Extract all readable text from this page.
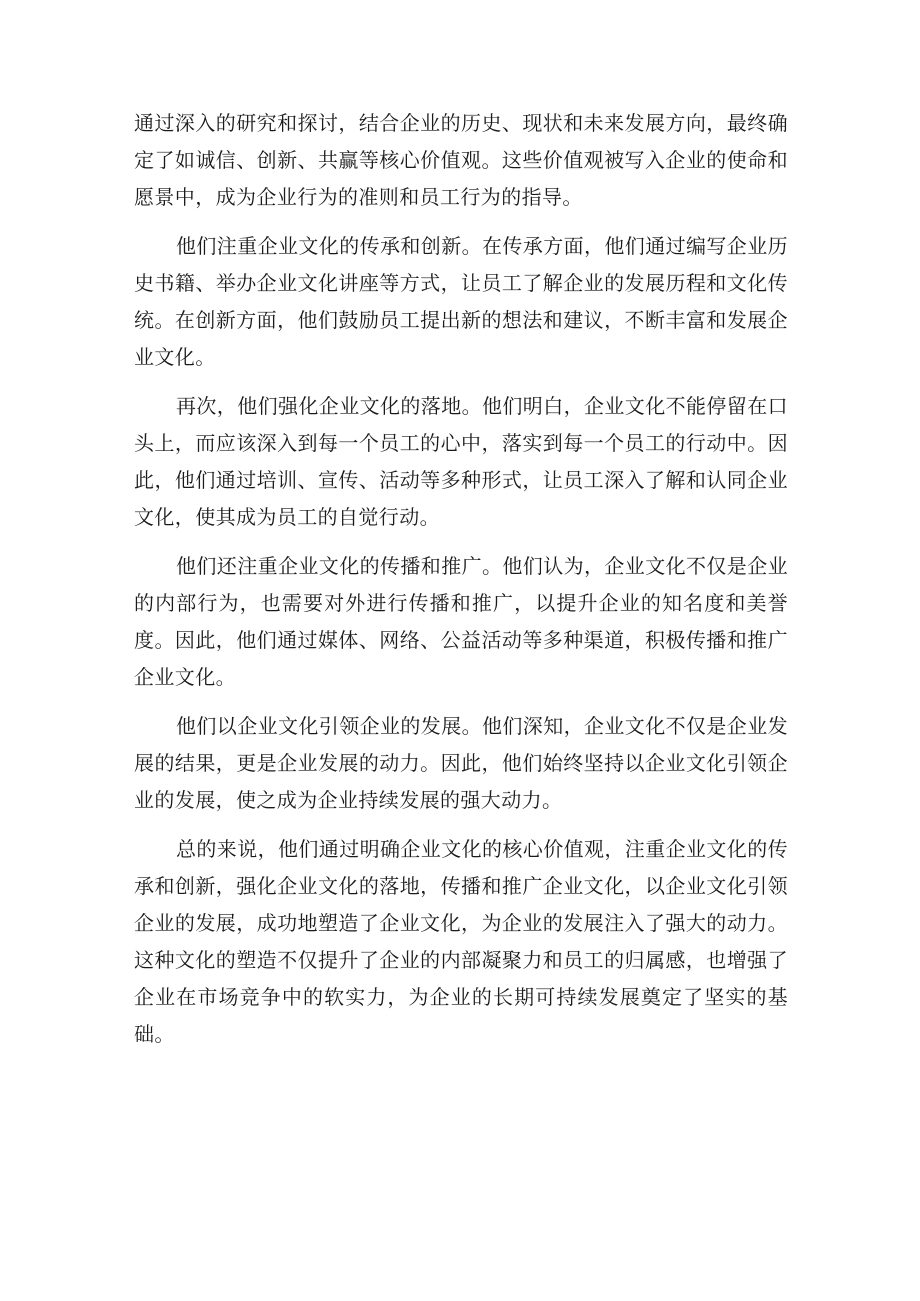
通过深入的研究和探讨，结合企业的历史、现状和未来发展方向，最终确定了如诚信、创新、共赢等核心价值观。这些价值观被写入企业的使命和愿景中，成为企业行为的准则和员工行为的指导。

他们注重企业文化的传承和创新。在传承方面，他们通过编写企业历史书籍、举办企业文化讲座等方式，让员工了解企业的发展历程和文化传统。在创新方面，他们鼓励员工提出新的想法和建议，不断丰富和发展企业文化。

再次，他们强化企业文化的落地。他们明白，企业文化不能停留在口头上，而应该深入到每一个员工的心中，落实到每一个员工的行动中。因此，他们通过培训、宣传、活动等多种形式，让员工深入了解和认同企业文化，使其成为员工的自觉行动。

他们还注重企业文化的传播和推广。他们认为，企业文化不仅是企业的内部行为，也需要对外进行传播和推广，以提升企业的知名度和美誉度。因此，他们通过媒体、网络、公益活动等多种渠道，积极传播和推广企业文化。

他们以企业文化引领企业的发展。他们深知，企业文化不仅是企业发展的结果，更是企业发展的动力。因此，他们始终坚持以企业文化引领企业的发展，使之成为企业持续发展的强大动力。

总的来说，他们通过明确企业文化的核心价值观，注重企业文化的传承和创新，强化企业文化的落地，传播和推广企业文化，以企业文化引领企业的发展，成功地塑造了企业文化，为企业的发展注入了强大的动力。这种文化的塑造不仅提升了企业的内部凝聚力和员工的归属感，也增强了企业在市场竞争中的软实力，为企业的长期可持续发展奠定了坚实的基础。
